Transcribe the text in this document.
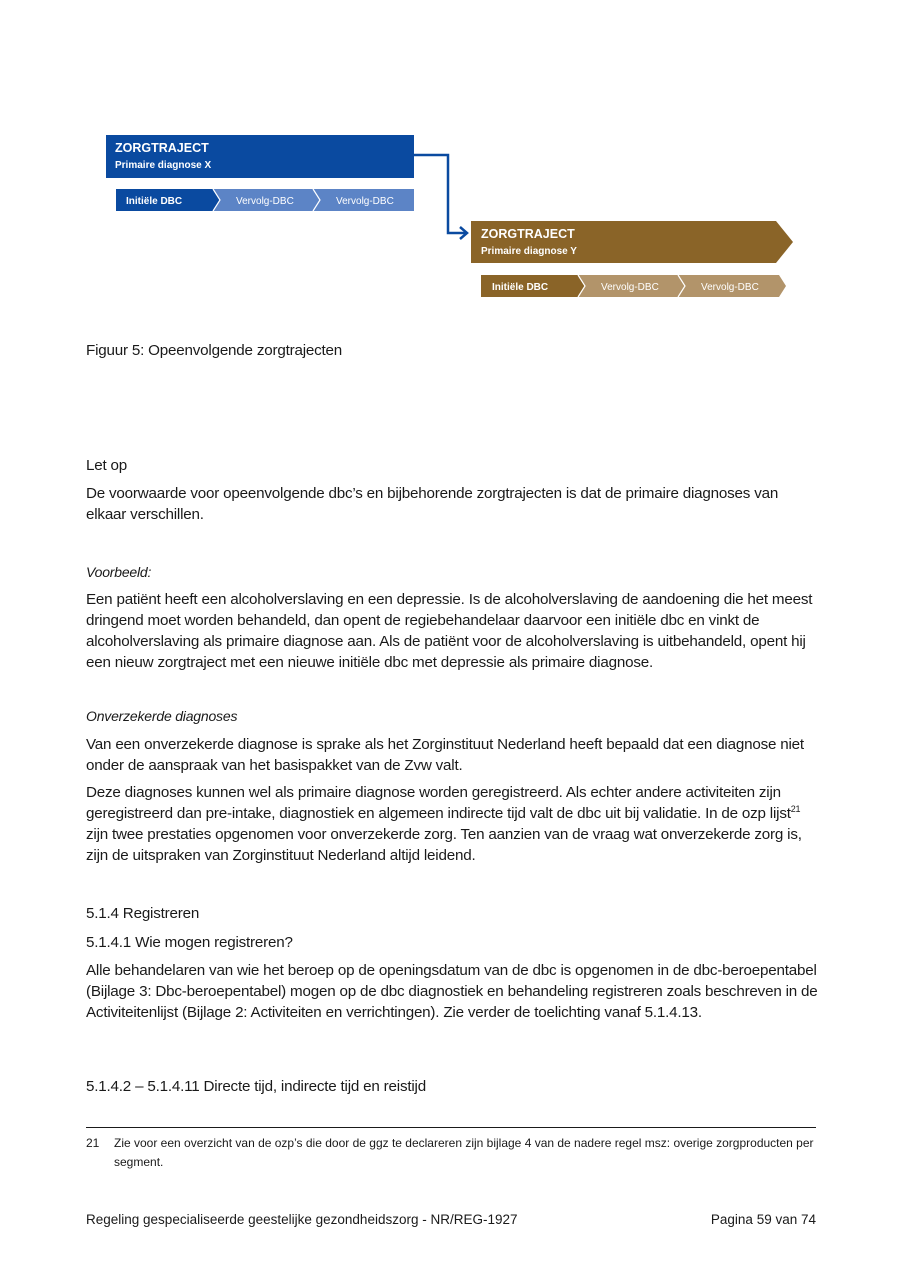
ZORGTRAJECT
Primaire diagnose X
Initiële DBC	Vervolg-DBC	Vervolg-DBC
ZORGTRAJECT
Primaire diagnose Y
Initiële DBC	Vervolg-DBC	Vervolg-DBC
Figuur 5: Opeenvolgende zorgtrajecten
Let op
De voorwaarde voor opeenvolgende dbc’s en bijbehorende zorgtrajecten is dat de primaire diagnoses van elkaar verschillen.
Voorbeeld:
Een patiënt heeft een alcoholverslaving en een depressie. Is de alcoholverslaving de aandoening die het meest dringend moet worden behandeld, dan opent de regiebehandelaar daarvoor een initiële dbc en vinkt de alcoholverslaving als primaire diagnose aan. Als de patiënt voor de alcoholverslaving is uitbehandeld, opent hij een nieuw zorgtraject met een nieuwe initiële dbc met depressie als primaire diagnose.
Onverzekerde diagnoses
Van een onverzekerde diagnose is sprake als het Zorginstituut Nederland heeft bepaald dat een diagnose niet onder de aanspraak van het basispakket van de Zvw valt.
Deze diagnoses kunnen wel als primaire diagnose worden geregistreerd. Als echter andere activiteiten zijn geregistreerd dan pre-intake, diagnostiek en algemeen indirecte tijd valt de dbc uit bij validatie. In de ozp lijst$^{21}$ zijn twee prestaties opgenomen voor onverzekerde zorg. Ten aanzien van de vraag wat onverzekerde zorg is, zijn de uitspraken van Zorginstituut Nederland altijd leidend.
5.1.4 Registreren
5.1.4.1 Wie mogen registreren?
Alle behandelaren van wie het beroep op de openingsdatum van de dbc is opgenomen in de dbc-beroepentabel (Bijlage 3: Dbc-beroepentabel) mogen op de dbc diagnostiek en behandeling registreren zoals beschreven in de Activiteitenlijst (Bijlage 2: Activiteiten en verrichtingen). Zie verder de toelichting vanaf 5.1.4.13.
5.1.4.2 – 5.1.4.11 Directe tijd, indirecte tijd en reistijd
21 Zie voor een overzicht van de ozp’s die door de ggz te declareren zijn bijlage 4 van de nadere regel msz: overige zorgproducten per segment.
Regeling gespecialiseerde geestelijke gezondheidszorg - NR/REG-1927	Pagina 59 van 74
